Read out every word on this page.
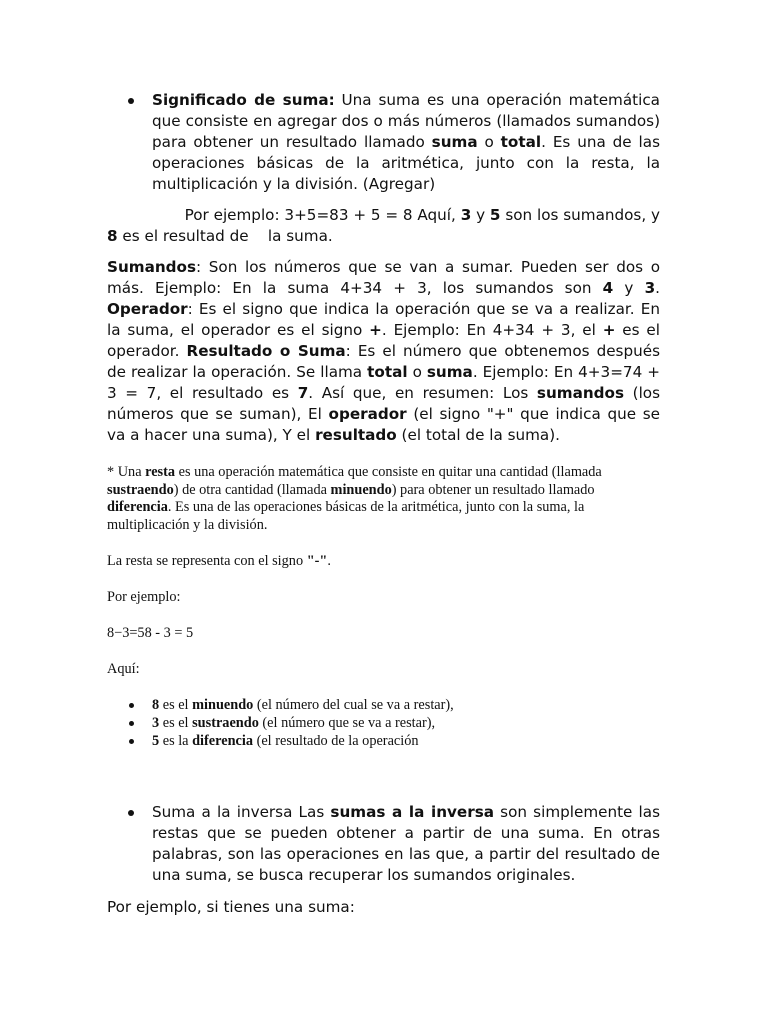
Significado de suma: Una suma es una operación matemática que consiste en agregar dos o más números (llamados sumandos) para obtener un resultado llamado suma o total. Es una de las operaciones básicas de la aritmética, junto con la resta, la multiplicación y la división. (Agregar)
Por ejemplo: 3+5=83 + 5 = 8 Aquí, 3 y 5 son los sumandos, y
8 es el resultad de    la suma.
Sumandos: Son los números que se van a sumar. Pueden ser dos o más. Ejemplo: En la suma 4+34 + 3, los sumandos son 4 y 3. Operador: Es el signo que indica la operación que se va a realizar. En la suma, el operador es el signo +. Ejemplo: En 4+34 + 3, el + es el operador. Resultado o Suma: Es el número que obtenemos después de realizar la operación. Se llama total o suma. Ejemplo: En 4+3=74 + 3 = 7, el resultado es 7. Así que, en resumen: Los sumandos (los números que se suman), El operador (el signo "+" que indica que se va a hacer una suma), Y el resultado (el total de la suma).
* Una resta es una operación matemática que consiste en quitar una cantidad (llamada sustraendo) de otra cantidad (llamada minuendo) para obtener un resultado llamado diferencia. Es una de las operaciones básicas de la aritmética, junto con la suma, la multiplicación y la división.
La resta se representa con el signo "-".
Por ejemplo:
8−3=58 - 3 = 5
Aquí:
8 es el minuendo (el número del cual se va a restar),
3 es el sustraendo (el número que se va a restar),
5 es la diferencia (el resultado de la operación
Suma a la inversa Las sumas a la inversa son simplemente las restas que se pueden obtener a partir de una suma. En otras palabras, son las operaciones en las que, a partir del resultado de una suma, se busca recuperar los sumandos originales.
Por ejemplo, si tienes una suma:
